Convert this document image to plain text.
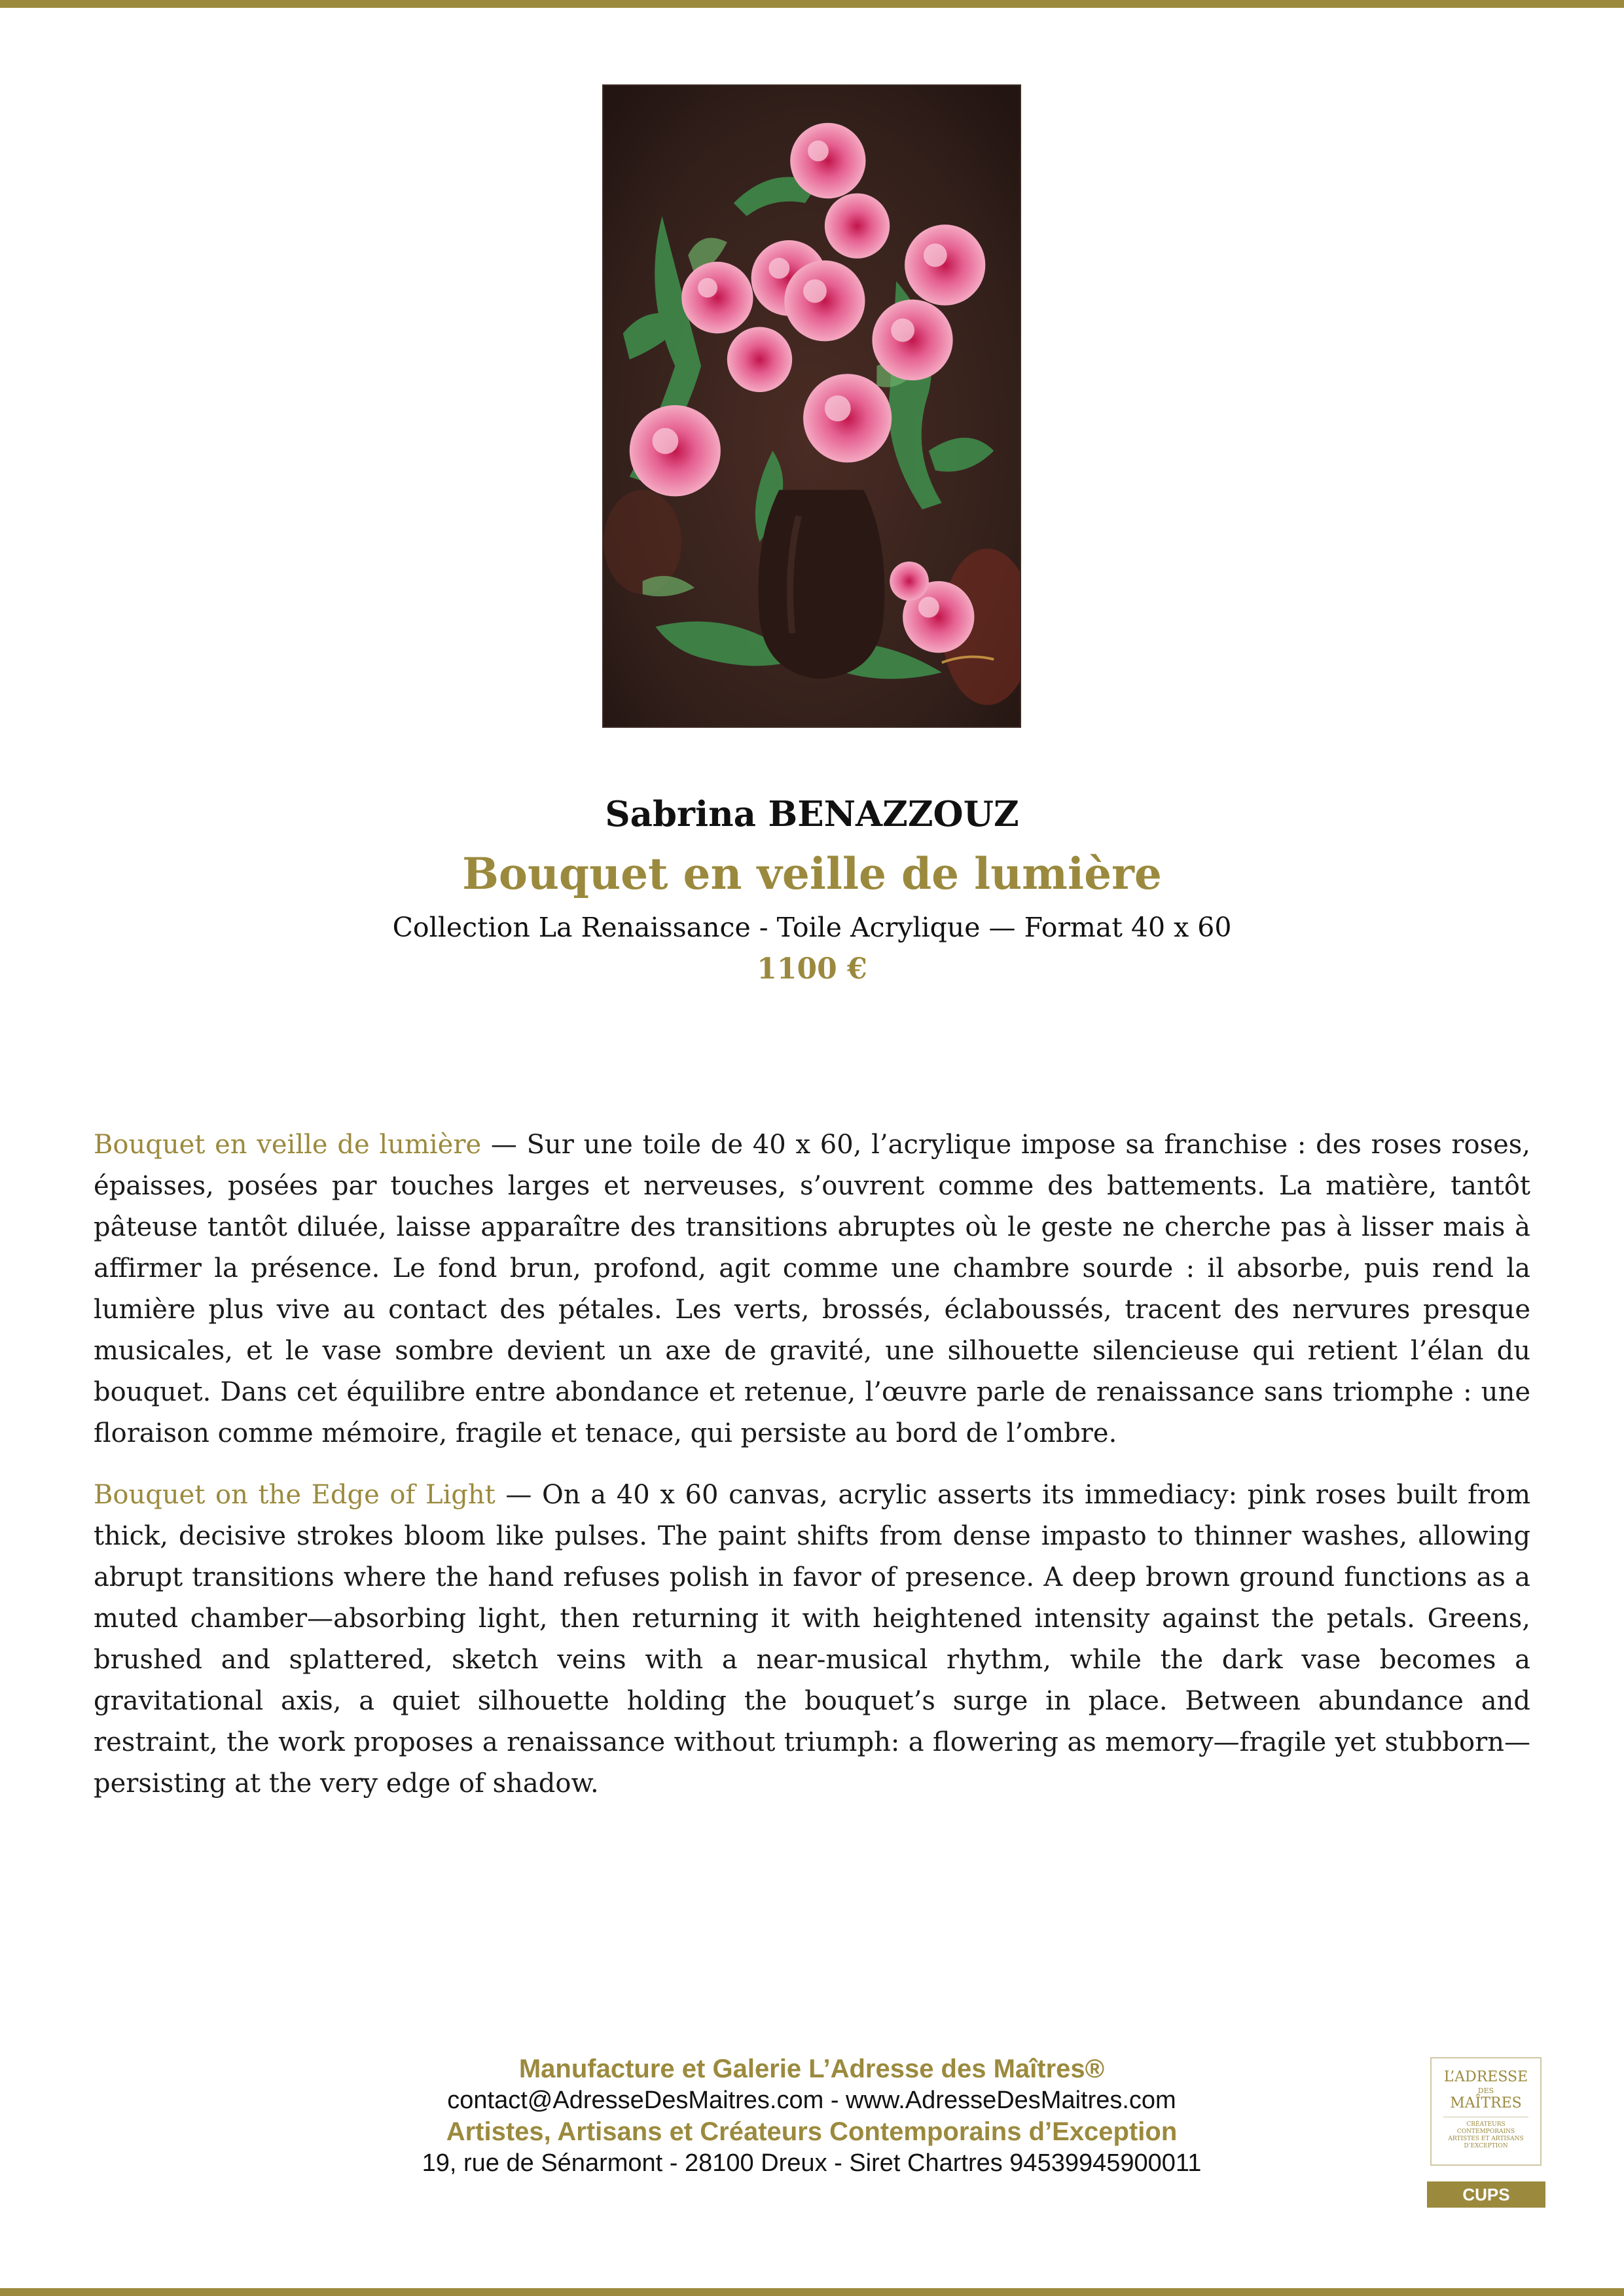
Sabrina BENAZZOUZ
Bouquet en veille de lumière
Collection La Renaissance - Toile Acrylique — Format 40 x 60
1100 €

Bouquet en veille de lumière — Sur une toile de 40 x 60, l’acrylique impose sa franchise : des roses roses, épaisses, posées par touches larges et nerveuses, s’ouvrent comme des battements. La matière, tantôt pâteuse tantôt diluée, laisse apparaître des transitions abruptes où le geste ne cherche pas à lisser mais à affirmer la présence. Le fond brun, profond, agit comme une chambre sourde : il absorbe, puis rend la lumière plus vive au contact des pétales. Les verts, brossés, éclaboussés, tracent des nervures presque musicales, et le vase sombre devient un axe de gravité, une silhouette silencieuse qui retient l’élan du bouquet. Dans cet équilibre entre abondance et retenue, l’œuvre parle de renaissance sans triomphe : une floraison comme mémoire, fragile et tenace, qui persiste au bord de l’ombre.

Bouquet on the Edge of Light — On a 40 x 60 canvas, acrylic asserts its immediacy: pink roses built from thick, decisive strokes bloom like pulses. The paint shifts from dense impasto to thinner washes, allowing abrupt transitions where the hand refuses polish in favor of presence. A deep brown ground functions as a muted chamber—absorbing light, then returning it with heightened intensity against the petals. Greens, brushed and splattered, sketch veins with a near-musical rhythm, while the dark vase becomes a gravitational axis, a quiet silhouette holding the bouquet’s surge in place. Between abundance and restraint, the work proposes a renaissance without triumph: a flowering as memory—fragile yet stubborn—persisting at the very edge of shadow.

Manufacture et Galerie L’Adresse des Maîtres®
contact@AdresseDesMaitres.com - www.AdresseDesMaitres.com
Artistes, Artisans et Créateurs Contemporains d’Exception
19, rue de Sénarmont - 28100 Dreux - Siret Chartres 94539945900011
L’ADRESSE
DES
MAÎTRES
CRÉATEURS CONTEMPORAINS ARTISTES ET ARTISANS D’EXCEPTION
CUPS
